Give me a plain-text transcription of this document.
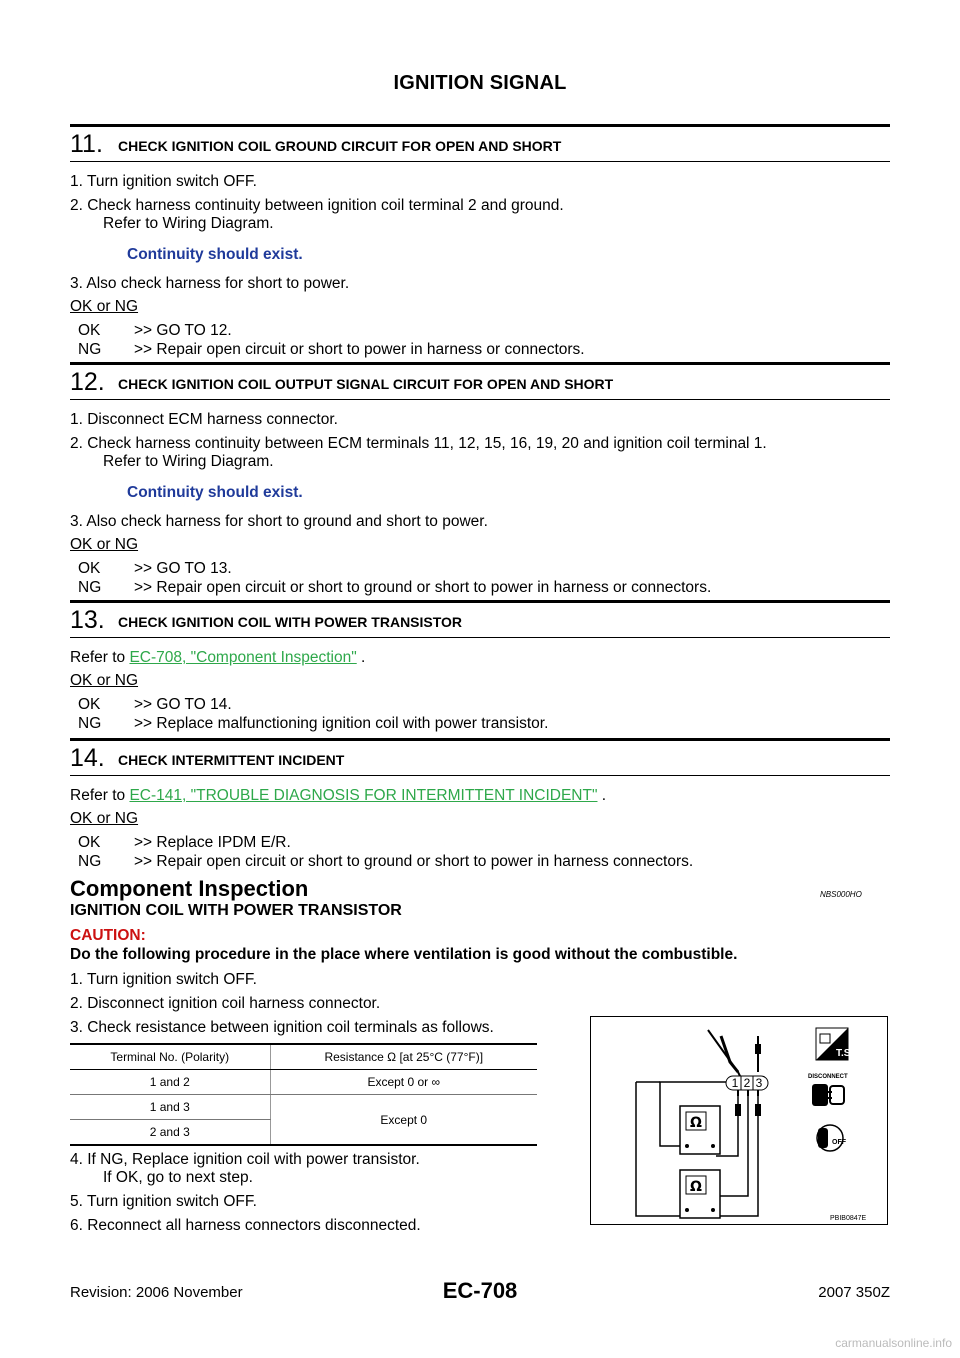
IGNITION SIGNAL
11. CHECK IGNITION COIL GROUND CIRCUIT FOR OPEN AND SHORT
1. Turn ignition switch OFF.
2. Check harness continuity between ignition coil terminal 2 and ground.
Refer to Wiring Diagram.
Continuity should exist.
3. Also check harness for short to power.
OK or NG
OK >> GO TO 12.
NG >> Repair open circuit or short to power in harness or connectors.
12. CHECK IGNITION COIL OUTPUT SIGNAL CIRCUIT FOR OPEN AND SHORT
1. Disconnect ECM harness connector.
2. Check harness continuity between ECM terminals 11, 12, 15, 16, 19, 20 and ignition coil terminal 1.
Refer to Wiring Diagram.
Continuity should exist.
3. Also check harness for short to ground and short to power.
OK or NG
OK >> GO TO 13.
NG >> Repair open circuit or short to ground or short to power in harness or connectors.
13. CHECK IGNITION COIL WITH POWER TRANSISTOR
Refer to EC-708, "Component Inspection" .
OK or NG
OK >> GO TO 14.
NG >> Replace malfunctioning ignition coil with power transistor.
14. CHECK INTERMITTENT INCIDENT
Refer to EC-141, "TROUBLE DIAGNOSIS FOR INTERMITTENT INCIDENT" .
OK or NG
OK >> Replace IPDM E/R.
NG >> Repair open circuit or short to ground or short to power in harness connectors.
Component Inspection	NBS000HO
IGNITION COIL WITH POWER TRANSISTOR
CAUTION:
Do the following procedure in the place where ventilation is good without the combustible.
1. Turn ignition switch OFF.
2. Disconnect ignition coil harness connector.
3. Check resistance between ignition coil terminals as follows.
Terminal No. (Polarity)	Resistance Ω [at 25°C (77°F)]
1 and 2	Except 0 or ∞
1 and 3	Except 0
2 and 3	
4. If NG, Replace ignition coil with power transistor.
If OK, go to next step.
5. Turn ignition switch OFF.
6. Reconnect all harness connectors disconnected.
1 2 3
Ω
Ω
T.S.
DISCONNECT
OFF
PBIB0847E
Revision: 2006 November	EC-708	2007 350Z
carmanualsonline.info
